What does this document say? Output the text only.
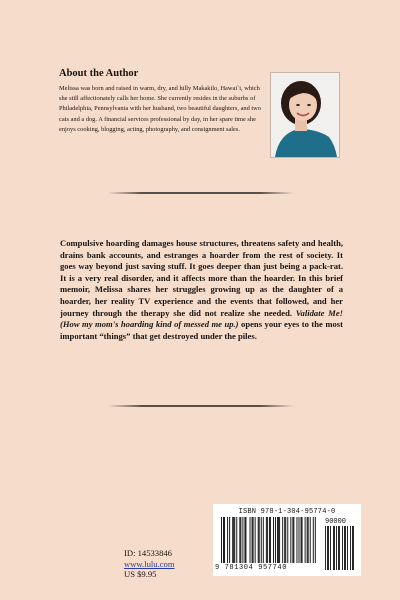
About the Author

Melissa was born and raised in warm, dry, and hilly Makakilo, Hawai`i, which she still affectionately calls her home. She currently resides in the suburbs of Philadelphia, Pennsylvania with her husband, two beautiful daughters, and two cats and a dog. A financial services professional by day, in her spare time she enjoys cooking, blogging, acting, photography, and consignment sales.

Compulsive hoarding damages house structures, threatens safety and health, drains bank accounts, and estranges a hoarder from the rest of society. It goes way beyond just saving stuff. It goes deeper than just being a pack-rat. It is a very real disorder, and it affects more than the hoarder. In this brief memoir, Melissa shares her struggles growing up as the daughter of a hoarder, her reality TV experience and the events that followed, and her journey through the therapy she did not realize she needed. Validate Me! (How my mom's hoarding kind of messed me up.) opens your eyes to the most important “things” that get destroyed under the piles.

ID: 14533846
www.lulu.com
US $9.95
ISBN 978-1-304-95774-0
90000
9 781304 957740
